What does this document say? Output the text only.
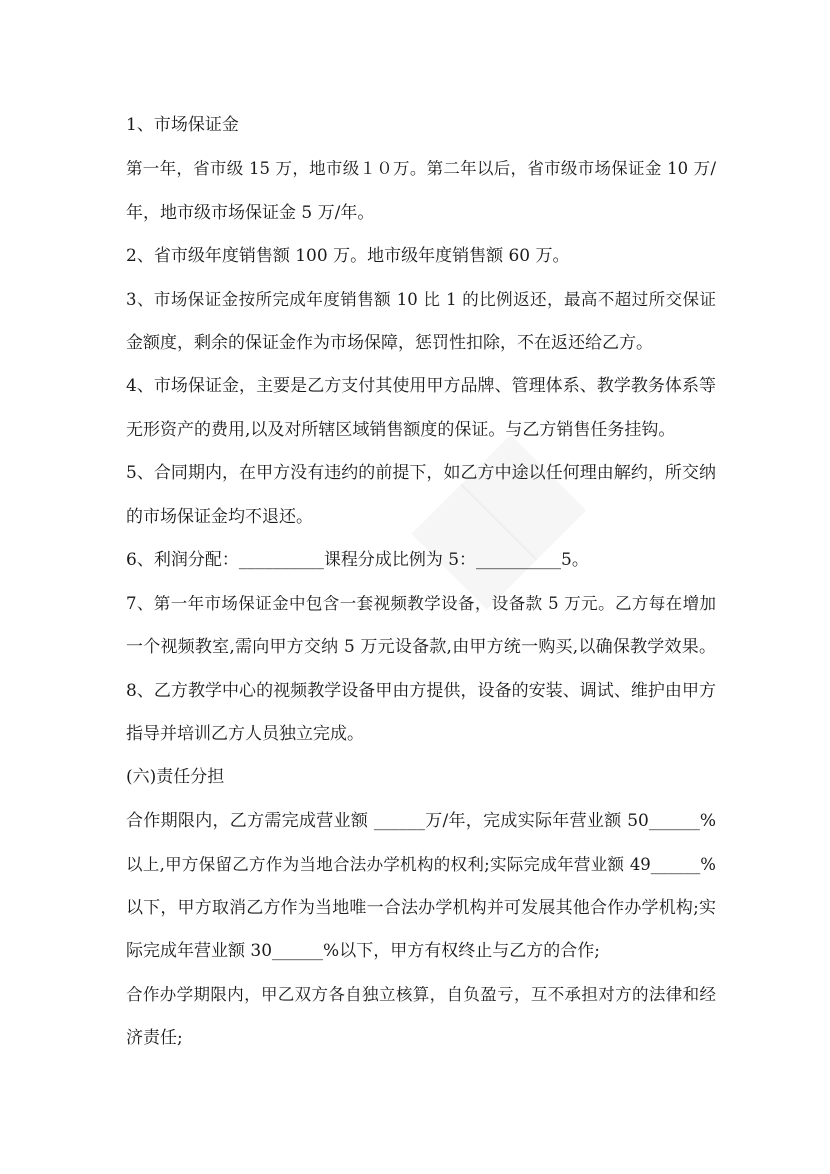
1、市场保证金
第一年，省市级 15 万，地市级１０万。第二年以后，省市级市场保证金 10 万/
年，地市级市场保证金 5 万/年。
2、省市级年度销售额 100 万。地市级年度销售额 60 万。
3、市场保证金按所完成年度销售额 10 比 1 的比例返还，最高不超过所交保证
金额度，剩余的保证金作为市场保障，惩罚性扣除，不在返还给乙方。
4、市场保证金，主要是乙方支付其使用甲方品牌、管理体系、教学教务体系等
无形资产的费用,以及对所辖区域销售额度的保证。与乙方销售任务挂钩。
5、合同期内，在甲方没有违约的前提下，如乙方中途以任何理由解约，所交纳
的市场保证金均不退还。
6、利润分配：__________课程分成比例为 5：__________5。
7、第一年市场保证金中包含一套视频教学设备，设备款 5 万元。乙方每在增加
一个视频教室,需向甲方交纳 5 万元设备款,由甲方统一购买,以确保教学效果。
8、乙方教学中心的视频教学设备甲由方提供，设备的安装、调试、维护由甲方
指导并培训乙方人员独立完成。
(六)责任分担
合作期限内，乙方需完成营业额 ______万/年，完成实际年营业额 50______%
以上,甲方保留乙方作为当地合法办学机构的权利;实际完成年营业额 49______%
以下，甲方取消乙方作为当地唯一合法办学机构并可发展其他合作办学机构;实
际完成年营业额 30______%以下，甲方有权终止与乙方的合作;
合作办学期限内，甲乙双方各自独立核算，自负盈亏，互不承担对方的法律和经
济责任;
